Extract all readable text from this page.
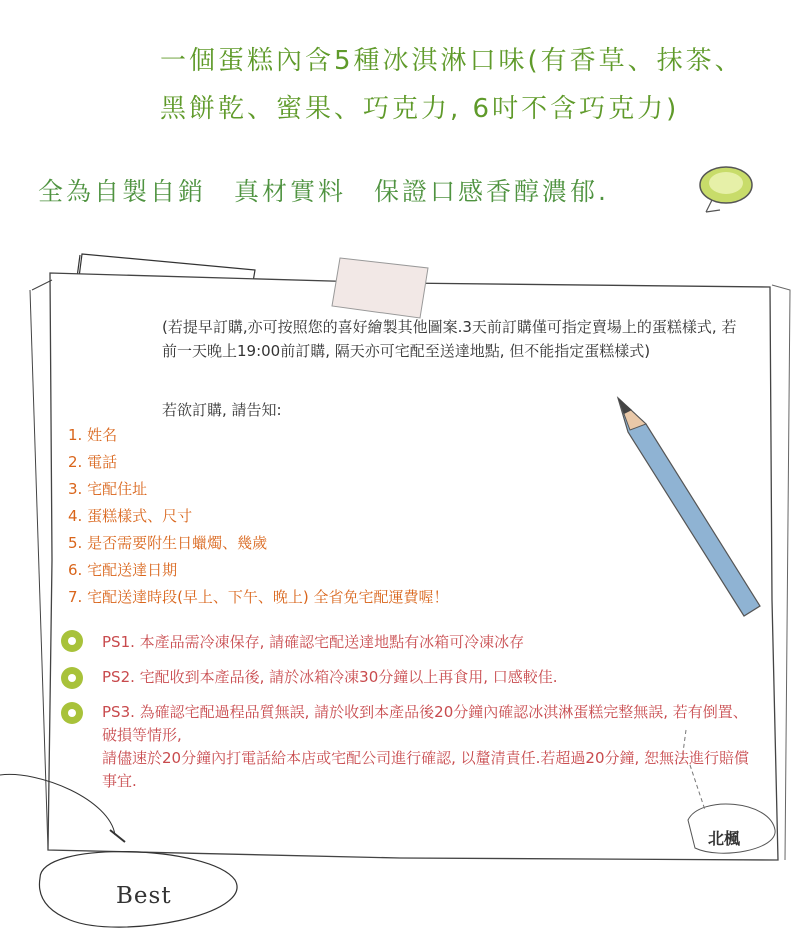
一個蛋糕內含5種冰淇淋口味(有香草、抹茶、
黑餅乾、蜜果、巧克力, 6吋不含巧克力)
全為自製自銷　真材實料　保證口感香醇濃郁.
(若提早訂購,亦可按照您的喜好繪製其他圖案.3天前訂購僅可指定賣場上的蛋糕樣式, 若前一天晚上19:00前訂購, 隔天亦可宅配至送達地點, 但不能指定蛋糕樣式)
若欲訂購, 請告知:
1. 姓名
2. 電話
3. 宅配住址
4. 蛋糕樣式、尺寸
5. 是否需要附生日蠟燭、幾歲
6. 宅配送達日期
7. 宅配送達時段(早上、下午、晚上) 全省免宅配運費喔！
PS1. 本產品需冷凍保存, 請確認宅配送達地點有冰箱可冷凍冰存
PS2. 宅配收到本產品後, 請於冰箱冷凍30分鐘以上再食用, 口感較佳.
PS3. 為確認宅配過程品質無誤, 請於收到本產品後20分鐘內確認冰淇淋蛋糕完整無誤, 若有倒置、破損等情形,
請儘速於20分鐘內打電話給本店或宅配公司進行確認, 以釐清責任.若超過20分鐘, 恕無法進行賠償事宜.
北楓
Best
